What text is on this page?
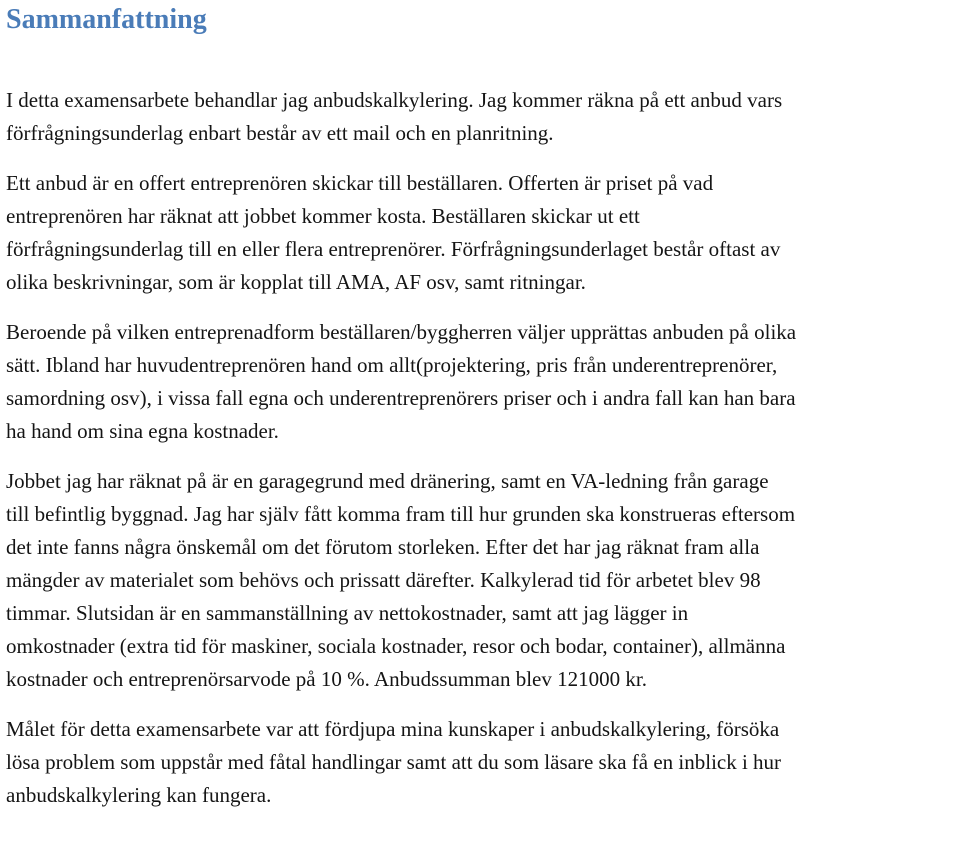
Sammanfattning

I detta examensarbete behandlar jag anbudskalkylering. Jag kommer räkna på ett anbud vars
förfrågningsunderlag enbart består av ett mail och en planritning.

Ett anbud är en offert entreprenören skickar till beställaren. Offerten är priset på vad
entreprenören har räknat att jobbet kommer kosta. Beställaren skickar ut ett
förfrågningsunderlag till en eller flera entreprenörer. Förfrågningsunderlaget består oftast av
olika beskrivningar, som är kopplat till AMA, AF osv, samt ritningar.

Beroende på vilken entreprenadform beställaren/byggherren väljer upprättas anbuden på olika
sätt. Ibland har huvudentreprenören hand om allt(projektering, pris från underentreprenörer,
samordning osv), i vissa fall egna och underentreprenörers priser och i andra fall kan han bara
ha hand om sina egna kostnader.

Jobbet jag har räknat på är en garagegrund med dränering, samt en VA-ledning från garage
till befintlig byggnad. Jag har själv fått komma fram till hur grunden ska konstrueras eftersom
det inte fanns några önskemål om det förutom storleken. Efter det har jag räknat fram alla
mängder av materialet som behövs och prissatt därefter. Kalkylerad tid för arbetet blev 98
timmar. Slutsidan är en sammanställning av nettokostnader, samt att jag lägger in
omkostnader (extra tid för maskiner, sociala kostnader, resor och bodar, container), allmänna
kostnader och entreprenörsarvode på 10 %. Anbudssumman blev 121000 kr.

Målet för detta examensarbete var att fördjupa mina kunskaper i anbudskalkylering, försöka
lösa problem som uppstår med fåtal handlingar samt att du som läsare ska få en inblick i hur
anbudskalkylering kan fungera.
